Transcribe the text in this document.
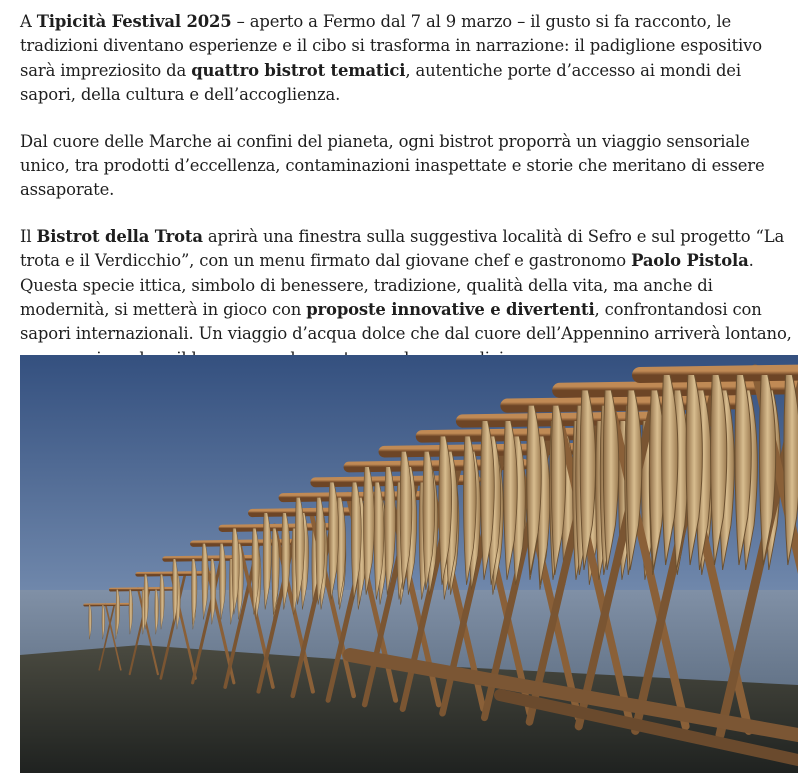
A Tipicità Festival 2025 – aperto a Fermo dal 7 al 9 marzo – il gusto si fa racconto, le tradizioni diventano esperienze e il cibo si trasforma in narrazione: il padiglione espositivo sarà impreziosito da quattro bistrot tematici, autentiche porte d’accesso ai mondi dei sapori, della cultura e dell’accoglienza.

Dal cuore delle Marche ai confini del pianeta, ogni bistrot proporrà un viaggio sensoriale unico, tra prodotti d’eccellenza, contaminazioni inaspettate e storie che meritano di essere assaporate.

Il Bistrot della Trota aprirà una finestra sulla suggestiva località di Sefro e sul progetto “La trota e il Verdicchio”, con un menu firmato dal giovane chef e gastronomo Paolo Pistola. Questa specie ittica, simbolo di benessere, tradizione, qualità della vita, ma anche di modernità, si metterà in gioco con proposte innovative e divertenti, confrontandosi con sapori internazionali. Un viaggio d’acqua dolce che dal cuore dell’Appennino arriverà lontano,
